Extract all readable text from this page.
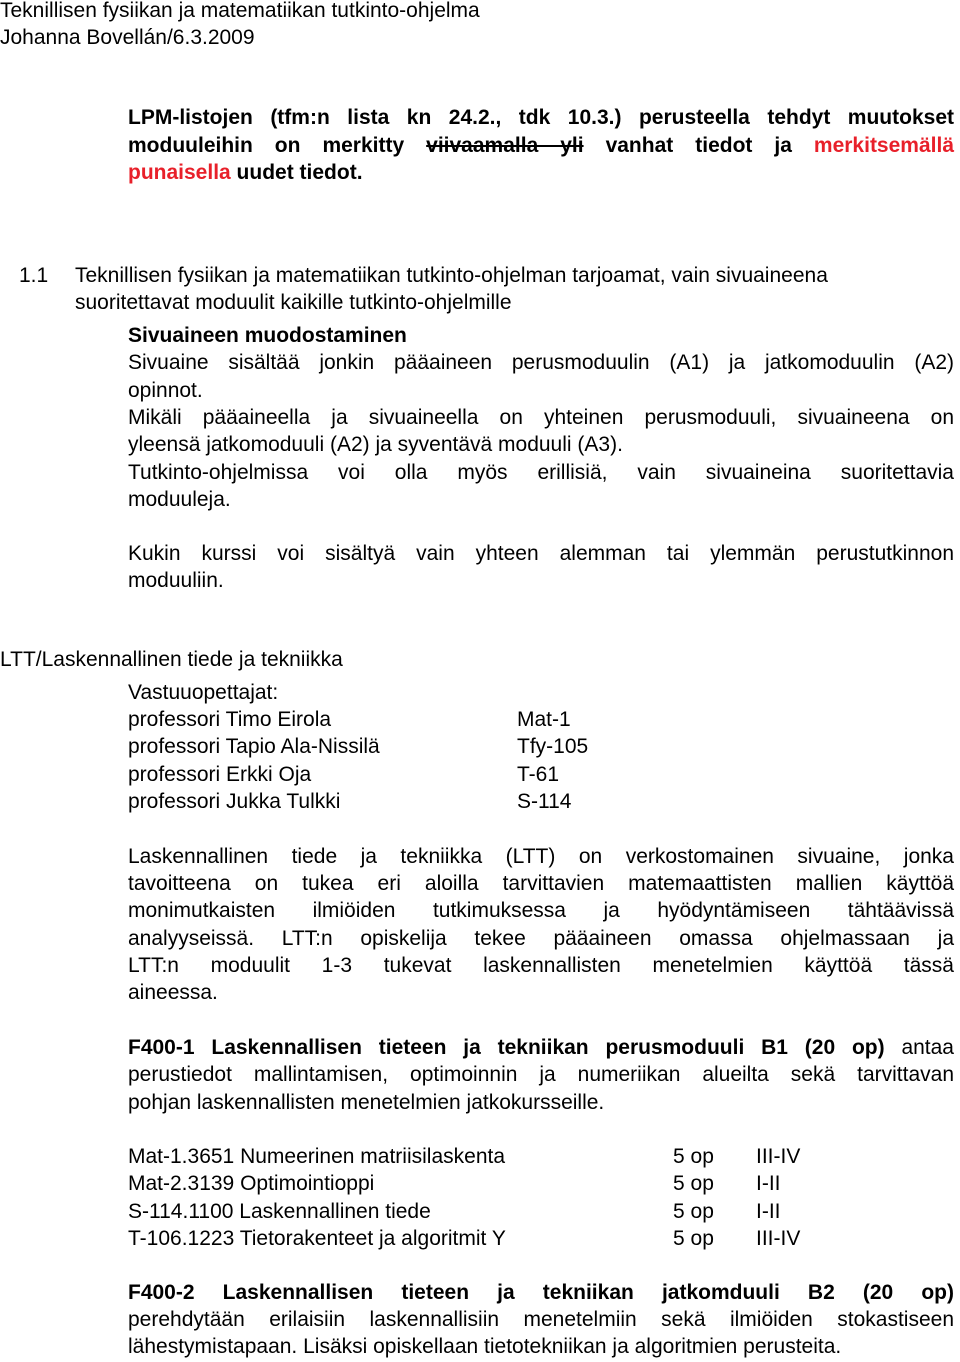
Teknillisen fysiikan ja matematiikan tutkinto-ohjelma
Johanna Bovellán/6.3.2009
LPM-listojen (tfm:n lista kn 24.2., tdk 10.3.) perusteella tehdyt muutokset
moduuleihin on merkitty viivaamalla yli vanhat tiedot ja merkitsemällä
punaisella uudet tiedot.
1.1 Teknillisen fysiikan ja matematiikan tutkinto-ohjelman tarjoamat, vain sivuaineena
suoritettavat moduulit kaikille tutkinto-ohjelmille
Sivuaineen muodostaminen
Sivuaine sisältää jonkin pääaineen perusmoduulin (A1) ja jatkomoduulin (A2)
opinnot.
Mikäli pääaineella ja sivuaineella on yhteinen perusmoduuli, sivuaineena on
yleensä jatkomoduuli (A2) ja syventävä moduuli (A3).
Tutkinto-ohjelmissa voi olla myös erillisiä, vain sivuaineina suoritettavia
moduuleja.
Kukin kurssi voi sisältyä vain yhteen alemman tai ylemmän perustutkinnon
moduuliin.
LTT/Laskennallinen tiede ja tekniikka
Vastuuopettajat:
professori Timo Eirola	Mat-1
professori Tapio Ala-Nissilä	Tfy-105
professori Erkki Oja	T-61
professori Jukka Tulkki	S-114
Laskennallinen tiede ja tekniikka (LTT) on verkostomainen sivuaine, jonka
tavoitteena on tukea eri aloilla tarvittavien matemaattisten mallien käyttöä
monimutkaisten ilmiöiden tutkimuksessa ja hyödyntämiseen tähtäävissä
analyyseissä. LTT:n opiskelija tekee pääaineen omassa ohjelmassaan ja
LTT:n moduulit 1-3 tukevat laskennallisten menetelmien käyttöä tässä
aineessa.
F400-1 Laskennallisen tieteen ja tekniikan perusmoduuli B1 (20 op) antaa
perustiedot mallintamisen, optimoinnin ja numeriikan alueilta sekä tarvittavan
pohjan laskennallisten menetelmien jatkokursseille.
Mat-1.3651 Numeerinen matriisilaskenta	5 op III-IV
Mat-2.3139 Optimointioppi	5 op I-II
S-114.1100 Laskennallinen tiede	5 op I-II
T-106.1223 Tietorakenteet ja algoritmit Y	5 op III-IV
F400-2 Laskennallisen tieteen ja tekniikan jatkomduuli B2 (20 op)
perehdytään erilaisiin laskennallisiin menetelmiin sekä ilmiöiden stokastiseen
lähestymistapaan. Lisäksi opiskellaan tietotekniikan ja algoritmien perusteita.
